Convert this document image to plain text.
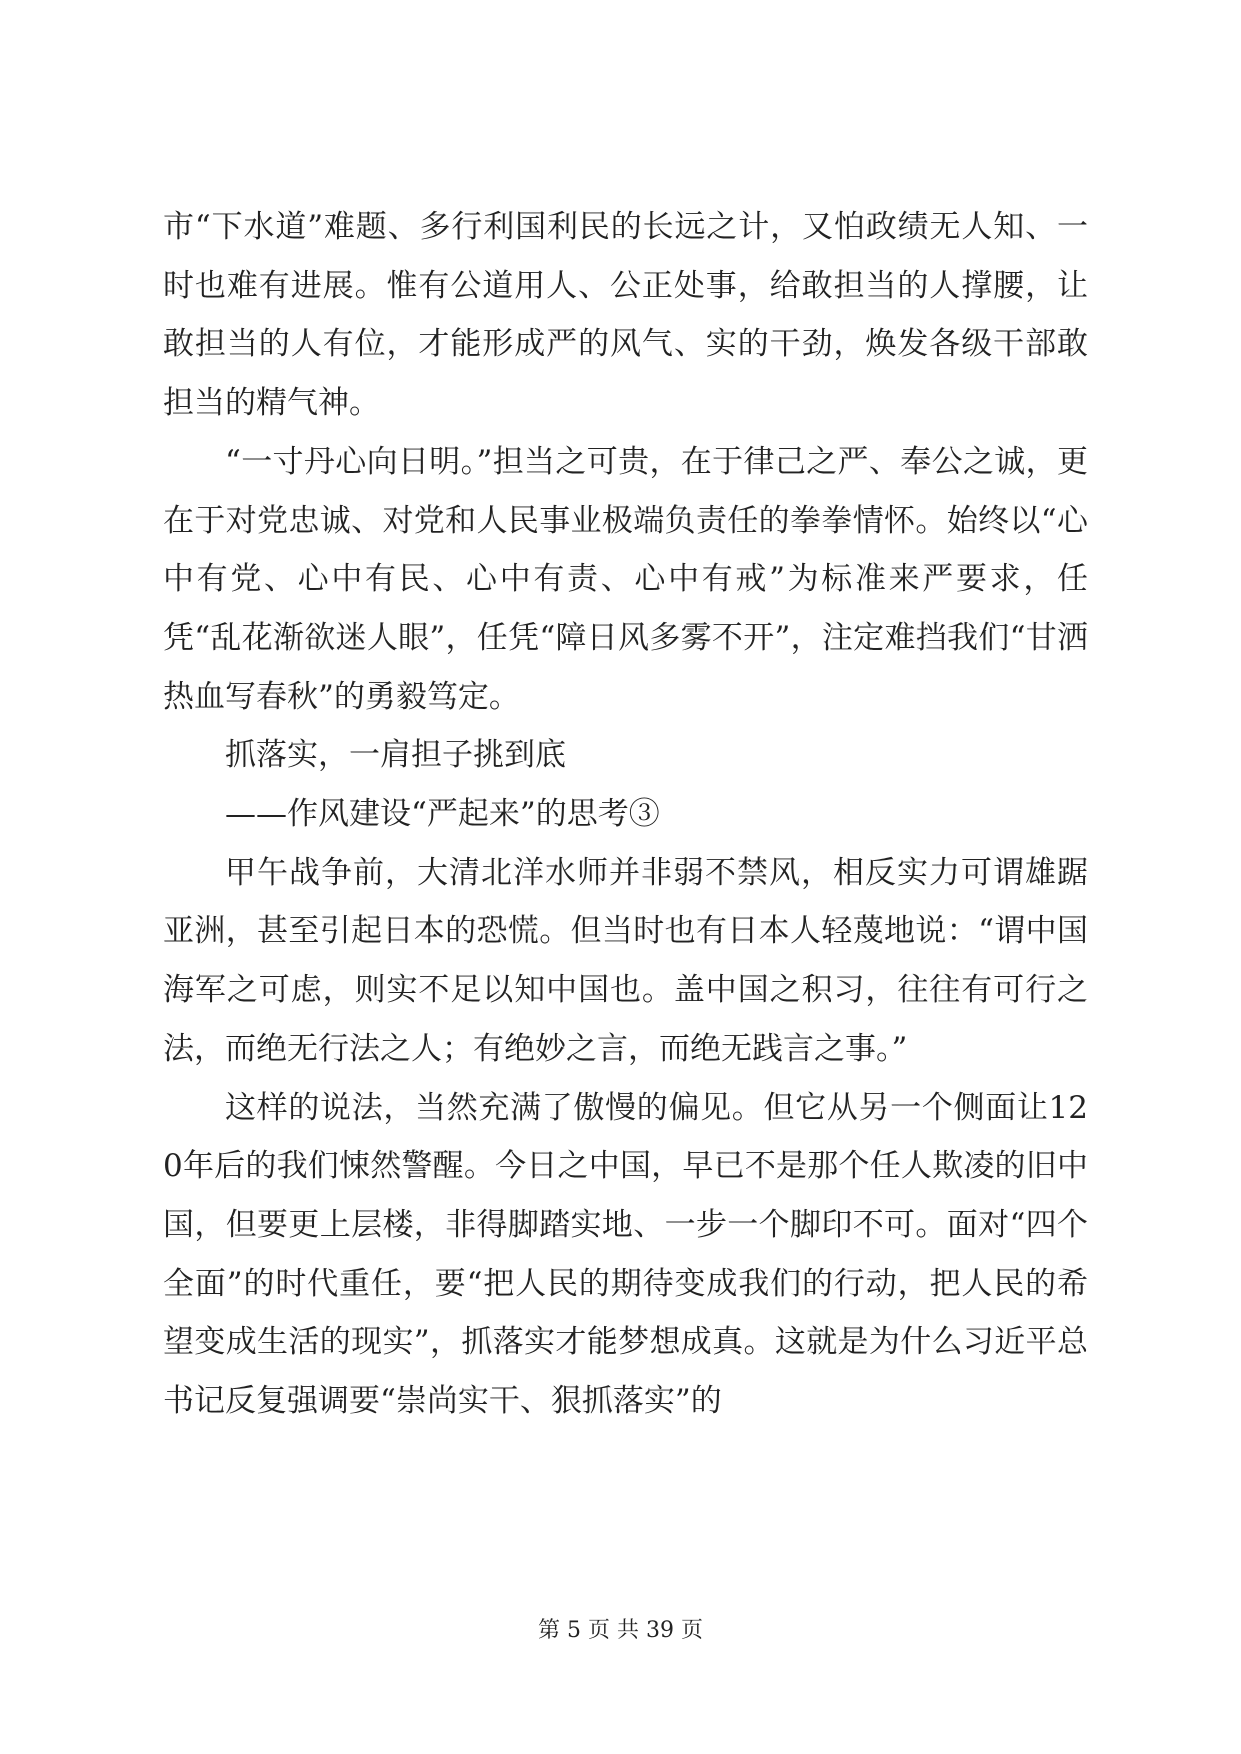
市“下水道”难题、多行利国利民的长远之计，又怕政绩无人知、一时也难有进展。惟有公道用人、公正处事，给敢担当的人撑腰，让敢担当的人有位，才能形成严的风气、实的干劲，焕发各级干部敢担当的精气神。

“一寸丹心向日明。”担当之可贵，在于律己之严、奉公之诚，更在于对党忠诚、对党和人民事业极端负责任的拳拳情怀。始终以“心中有党、心中有民、心中有责、心中有戒”为标准来严要求，任凭“乱花渐欲迷人眼”，任凭“障日风多雾不开”，注定难挡我们“甘洒热血写春秋”的勇毅笃定。

抓落实，一肩担子挑到底

——作风建设“严起来”的思考③

甲午战争前，大清北洋水师并非弱不禁风，相反实力可谓雄踞亚洲，甚至引起日本的恐慌。但当时也有日本人轻蔑地说：“谓中国海军之可虑，则实不足以知中国也。盖中国之积习，往往有可行之法，而绝无行法之人；有绝妙之言，而绝无践言之事。”

这样的说法，当然充满了傲慢的偏见。但它从另一个侧面让120年后的我们悚然警醒。今日之中国，早已不是那个任人欺凌的旧中国，但要更上层楼，非得脚踏实地、一步一个脚印不可。面对“四个全面”的时代重任，要“把人民的期待变成我们的行动，把人民的希望变成生活的现实”，抓落实才能梦想成真。这就是为什么习近平总书记反复强调要“崇尚实干、狠抓落实”的

第 5 页 共 39 页
